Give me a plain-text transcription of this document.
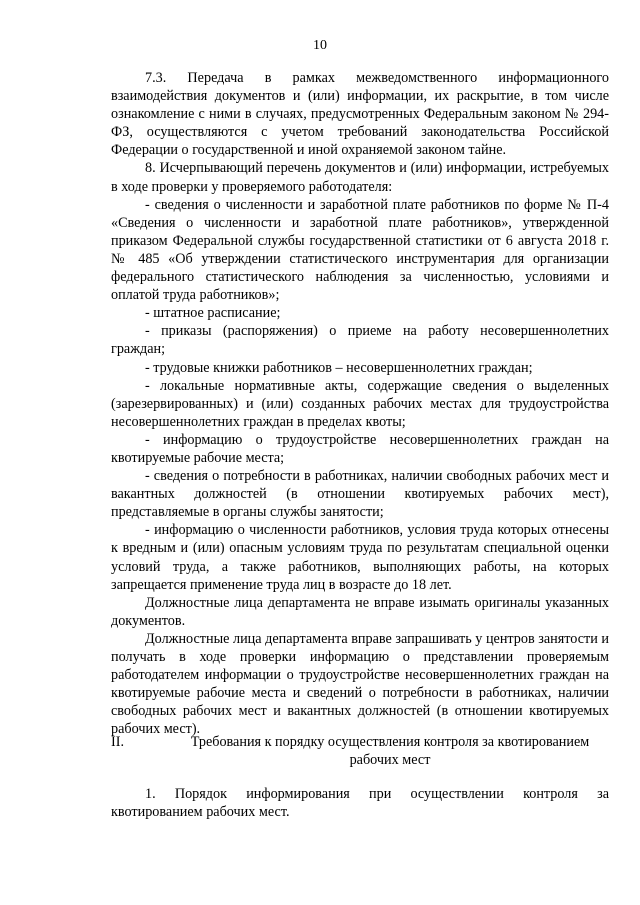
10

7.3. Передача в рамках межведомственного информационного взаимодействия документов и (или) информации, их раскрытие, в том числе ознакомление с ними в случаях, предусмотренных Федеральным законом № 294-ФЗ, осуществляются с учетом требований законодательства Российской Федерации о государственной и иной охраняемой законом тайне.

8. Исчерпывающий перечень документов и (или) информации, истребуемых в ходе проверки у проверяемого работодателя:

- сведения о численности и заработной плате работников по форме № П-4 «Сведения о численности и заработной плате работников», утвержденной приказом Федеральной службы государственной статистики от 6 августа 2018 г. № 485 «Об утверждении статистического инструментария для организации федерального статистического наблюдения за численностью, условиями и оплатой труда работников»;

- штатное расписание;

- приказы (распоряжения) о приеме на работу несовершеннолетних граждан;

- трудовые книжки работников – несовершеннолетних граждан;

- локальные нормативные акты, содержащие сведения о выделенных (зарезервированных) и (или) созданных рабочих местах для трудоустройства несовершеннолетних граждан в пределах квоты;

- информацию о трудоустройстве несовершеннолетних граждан на квотируемые рабочие места;

- сведения о потребности в работниках, наличии свободных рабочих мест и вакантных должностей (в отношении квотируемых рабочих мест), представляемые в органы службы занятости;

- информацию о численности работников, условия труда которых отнесены к вредным и (или) опасным условиям труда по результатам специальной оценки условий труда, а также работников, выполняющих работы, на которых запрещается применение труда лиц в возрасте до 18 лет.

Должностные лица департамента не вправе изымать оригиналы указанных документов.

Должностные лица департамента вправе запрашивать у центров занятости и получать в ходе проверки информацию о представлении проверяемым работодателем информации о трудоустройстве несовершеннолетних граждан на квотируемые рабочие места и сведений о потребности в работниках, наличии свободных рабочих мест и вакантных должностей (в отношении квотируемых рабочих мест).

II.	Требования к порядку осуществления контроля за квотированием
рабочих мест

1. Порядок информирования при осуществлении контроля за квотированием рабочих мест.
